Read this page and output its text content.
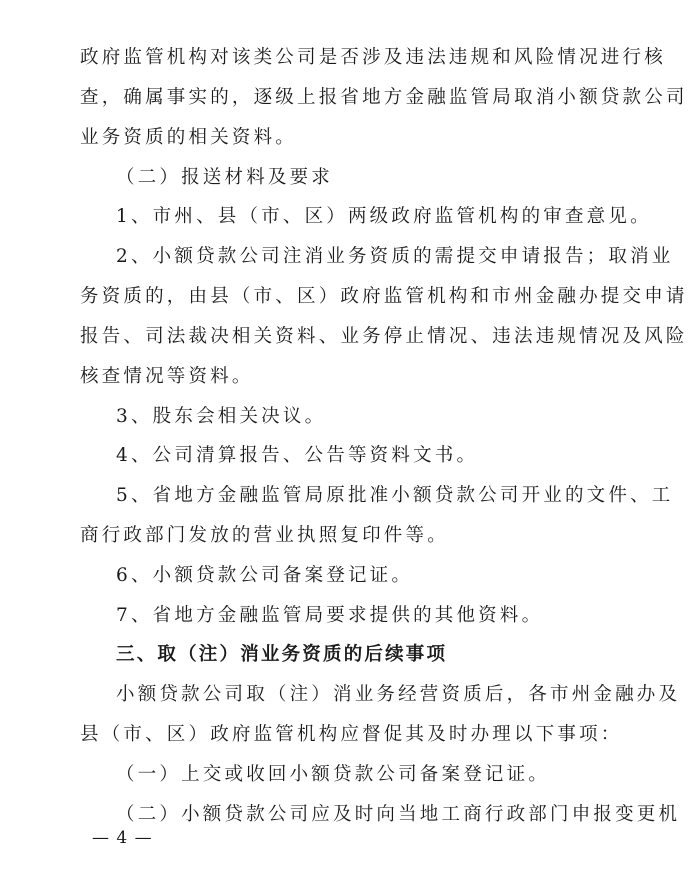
政府监管机构对该类公司是否涉及违法违规和风险情况进行核
查，确属事实的，逐级上报省地方金融监管局取消小额贷款公司
业务资质的相关资料。
（二）报送材料及要求
1、市州、县（市、区）两级政府监管机构的审查意见。
2、小额贷款公司注消业务资质的需提交申请报告；取消业
务资质的，由县（市、区）政府监管机构和市州金融办提交申请
报告、司法裁决相关资料、业务停止情况、违法违规情况及风险
核查情况等资料。
3、股东会相关决议。
4、公司清算报告、公告等资料文书。
5、省地方金融监管局原批准小额贷款公司开业的文件、工
商行政部门发放的营业执照复印件等。
6、小额贷款公司备案登记证。
7、省地方金融监管局要求提供的其他资料。
三、取（注）消业务资质的后续事项
小额贷款公司取（注）消业务经营资质后，各市州金融办及
县（市、区）政府监管机构应督促其及时办理以下事项：
（一）上交或收回小额贷款公司备案登记证。
（二）小额贷款公司应及时向当地工商行政部门申报变更机
— 4 —
